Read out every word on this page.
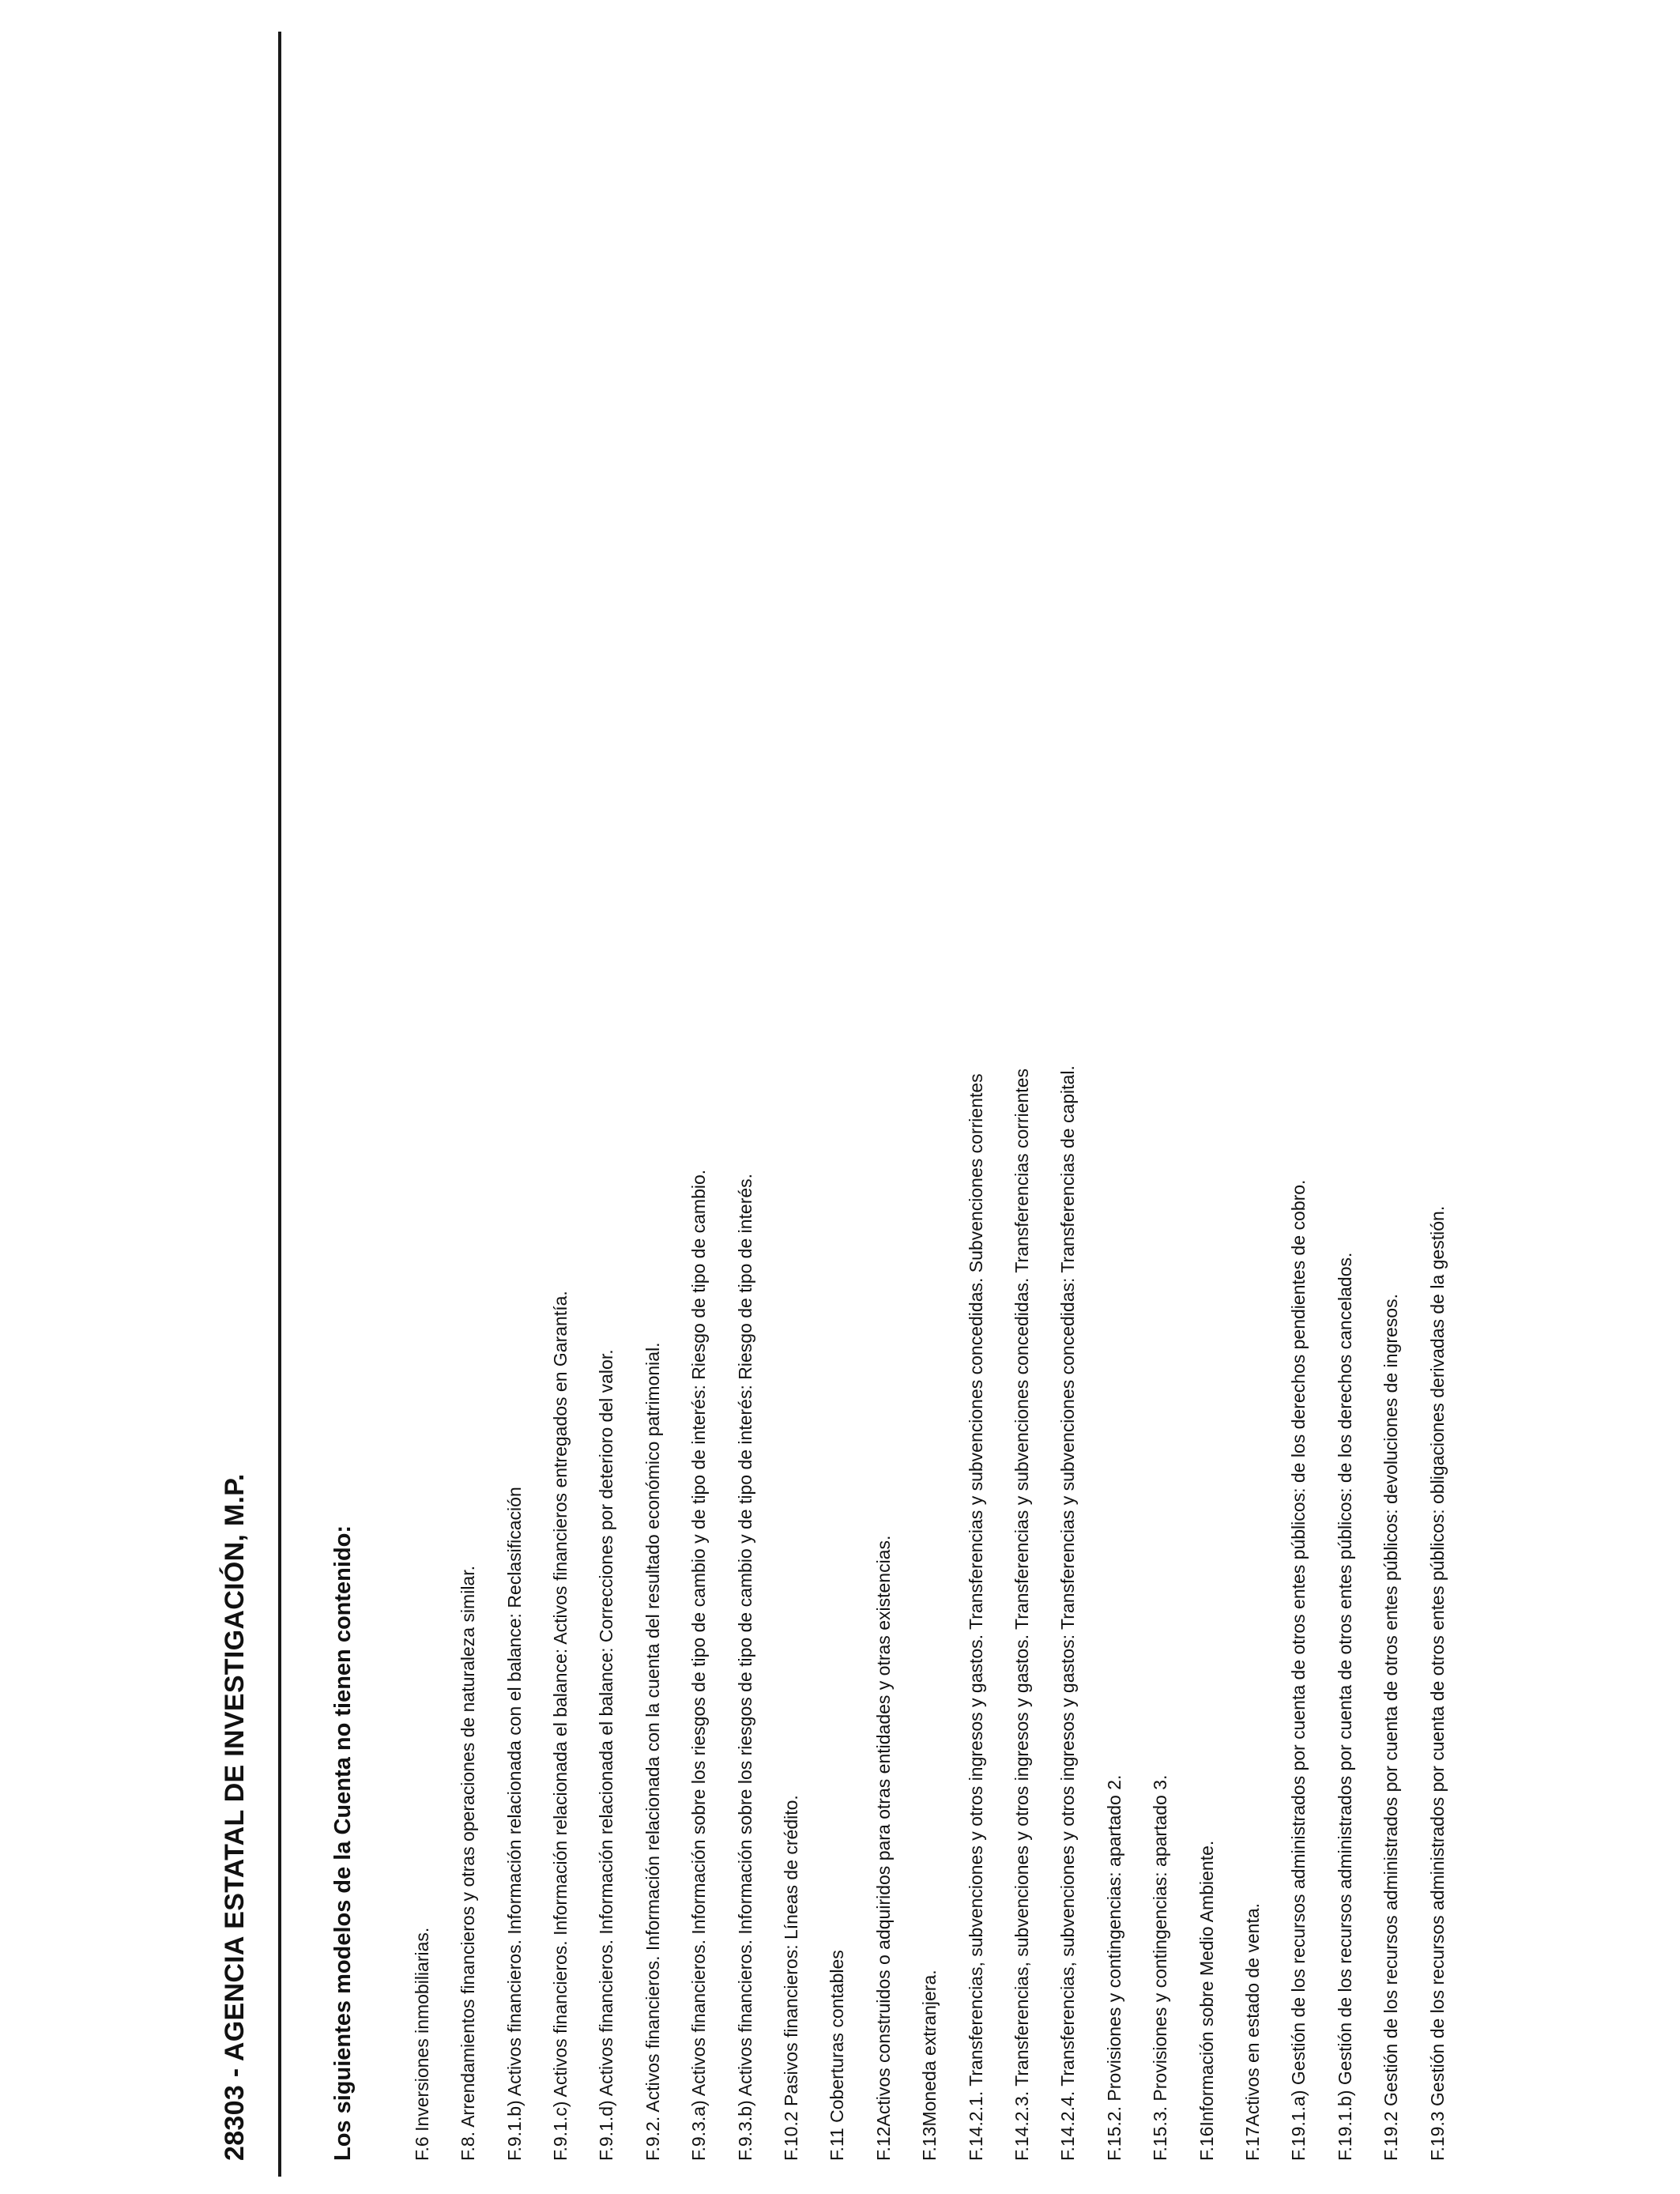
28303 - AGENCIA ESTATAL DE INVESTIGACIÓN, M.P.	Los siguientes modelos de la Cuenta no tienen contenido:	F.6 Inversiones inmobiliarias. F.8. Arrendamientos financieros y otras operaciones de naturaleza similar. F.9.1.b) Activos financieros. Información relacionada con el balance: Reclasificación F.9.1.c) Activos financieros. Información relacionada el balance: Activos financieros entregados en Garantía. F.9.1.d) Activos financieros. Información relacionada el balance: Correcciones por deterioro del valor. F.9.2. Activos financieros. Información relacionada con la cuenta del resultado económico patrimonial. F.9.3.a) Activos financieros. Información sobre los riesgos de tipo de cambio y de tipo de interés: Riesgo de tipo de cambio. F.9.3.b) Activos financieros. Información sobre los riesgos de tipo de cambio y de tipo de interés: Riesgo de tipo de interés. F.10.2 Pasivos financieros: Líneas de crédito. F.11 Coberturas contables F.12Activos construidos o adquiridos para otras entidades y otras existencias. F.13Moneda extranjera. F.14.2.1. Transferencias, subvenciones y otros ingresos y gastos. Transferencias y subvenciones concedidas. Subvenciones corrientes F.14.2.3. Transferencias, subvenciones y otros ingresos y gastos. Transferencias y subvenciones concedidas. Transferencias corrientes F.14.2.4. Transferencias, subvenciones y otros ingresos y gastos: Transferencias y subvenciones concedidas: Transferencias de capital. F.15.2. Provisiones y contingencias: apartado 2. F.15.3. Provisiones y contingencias: apartado 3. F.16Información sobre Medio Ambiente. F.17Activos en estado de venta. F.19.1.a) Gestión de los recursos administrados por cuenta de otros entes públicos: de los derechos pendientes de cobro. F.19.1.b) Gestión de los recursos administrados por cuenta de otros entes públicos: de los derechos cancelados. F.19.2 Gestión de los recursos administrados por cuenta de otros entes públicos: devoluciones de ingresos. F.19.3 Gestión de los recursos administrados por cuenta de otros entes públicos: obligaciones derivadas de la gestión.
